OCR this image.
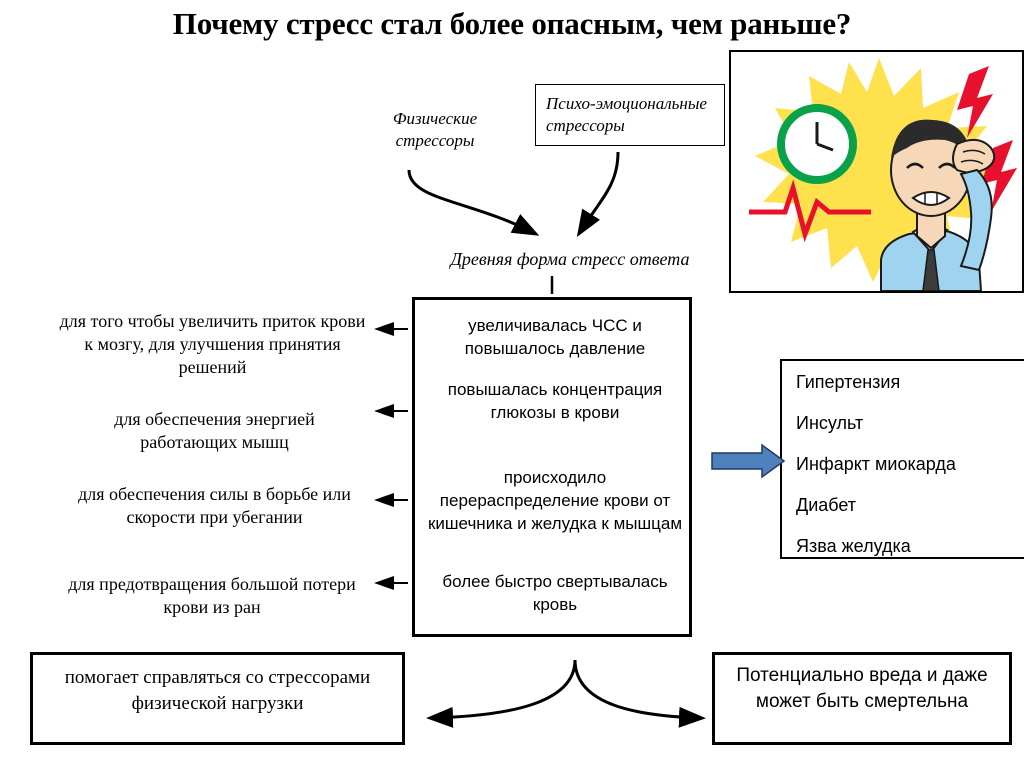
Почему стресс стал более опасным, чем раньше?
Физические стрессоры
Психо-эмоциональные стрессоры
Древняя форма стресс ответа
увеличивалась ЧСС и повышалось давление
повышалась концентрация глюкозы в крови
происходило перераспределение крови от кишечника и желудка к мышцам
более быстро свертывалась кровь
для того чтобы увеличить приток крови к мозгу, для улучшения принятия решений
для обеспечения энергией работающих мышц
для обеспечения силы в борьбе или скорости при убегании
для предотвращения большой потери крови из ран
Гипертензия
Инсульт
Инфаркт миокарда
Диабет
Язва желудка
помогает справляться со стрессорами физической нагрузки
Потенциально вреда и даже может быть смертельна
